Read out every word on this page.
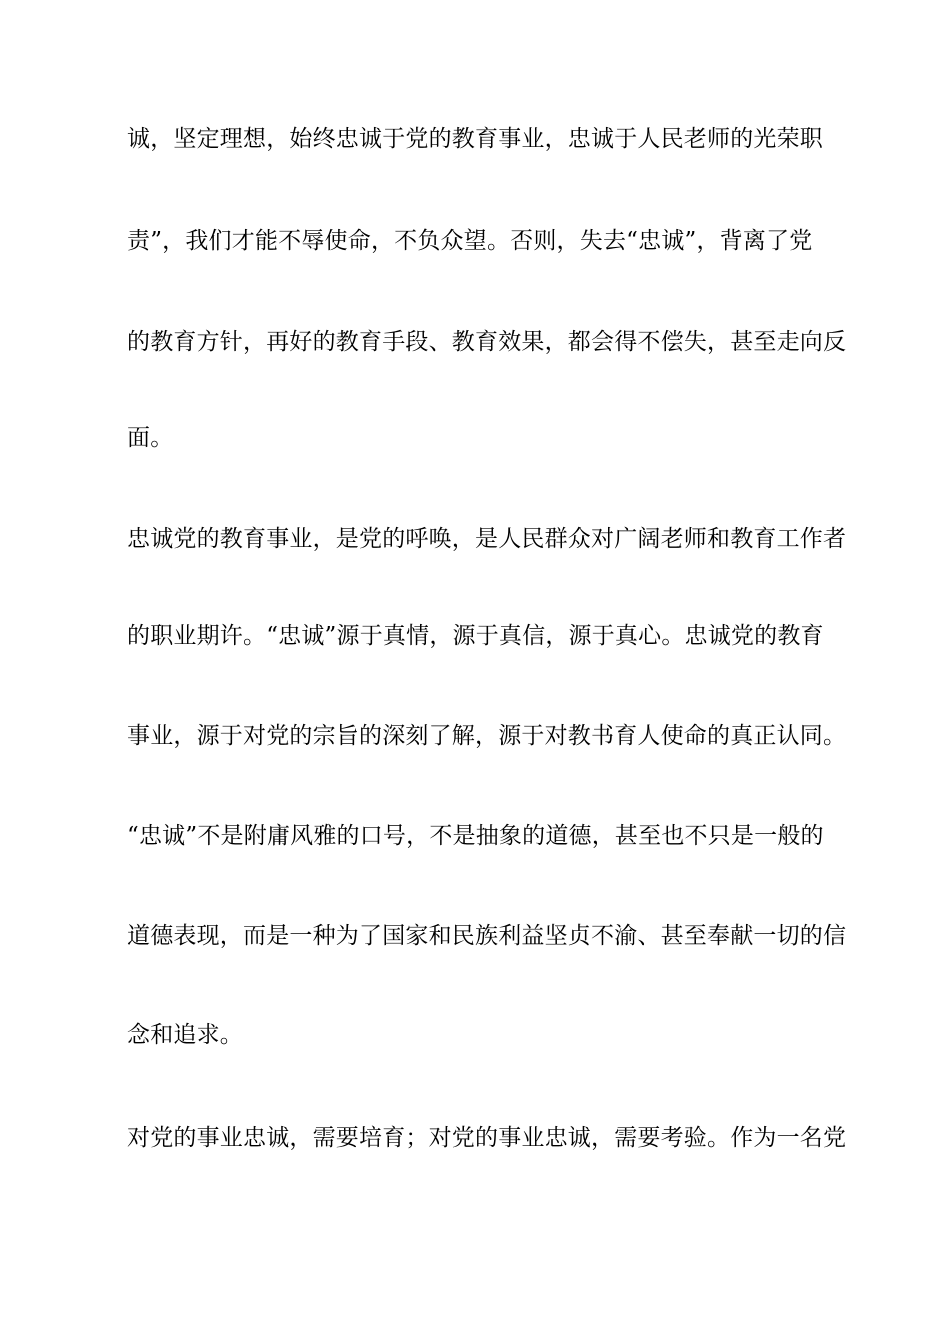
诚，坚定理想，始终忠诚于党的教育事业，忠诚于人民老师的光荣职
责”，我们才能不辱使命，不负众望。否则，失去“忠诚”，背离了党
的教育方针，再好的教育手段、教育效果，都会得不偿失，甚至走向反
面。
忠诚党的教育事业，是党的呼唤，是人民群众对广阔老师和教育工作者
的职业期许。“忠诚”源于真情，源于真信，源于真心。忠诚党的教育
事业，源于对党的宗旨的深刻了解，源于对教书育人使命的真正认同。
“忠诚”不是附庸风雅的口号，不是抽象的道德，甚至也不只是一般的
道德表现，而是一种为了国家和民族利益坚贞不渝、甚至奉献一切的信
念和追求。
对党的事业忠诚，需要培育；对党的事业忠诚，需要考验。作为一名党
